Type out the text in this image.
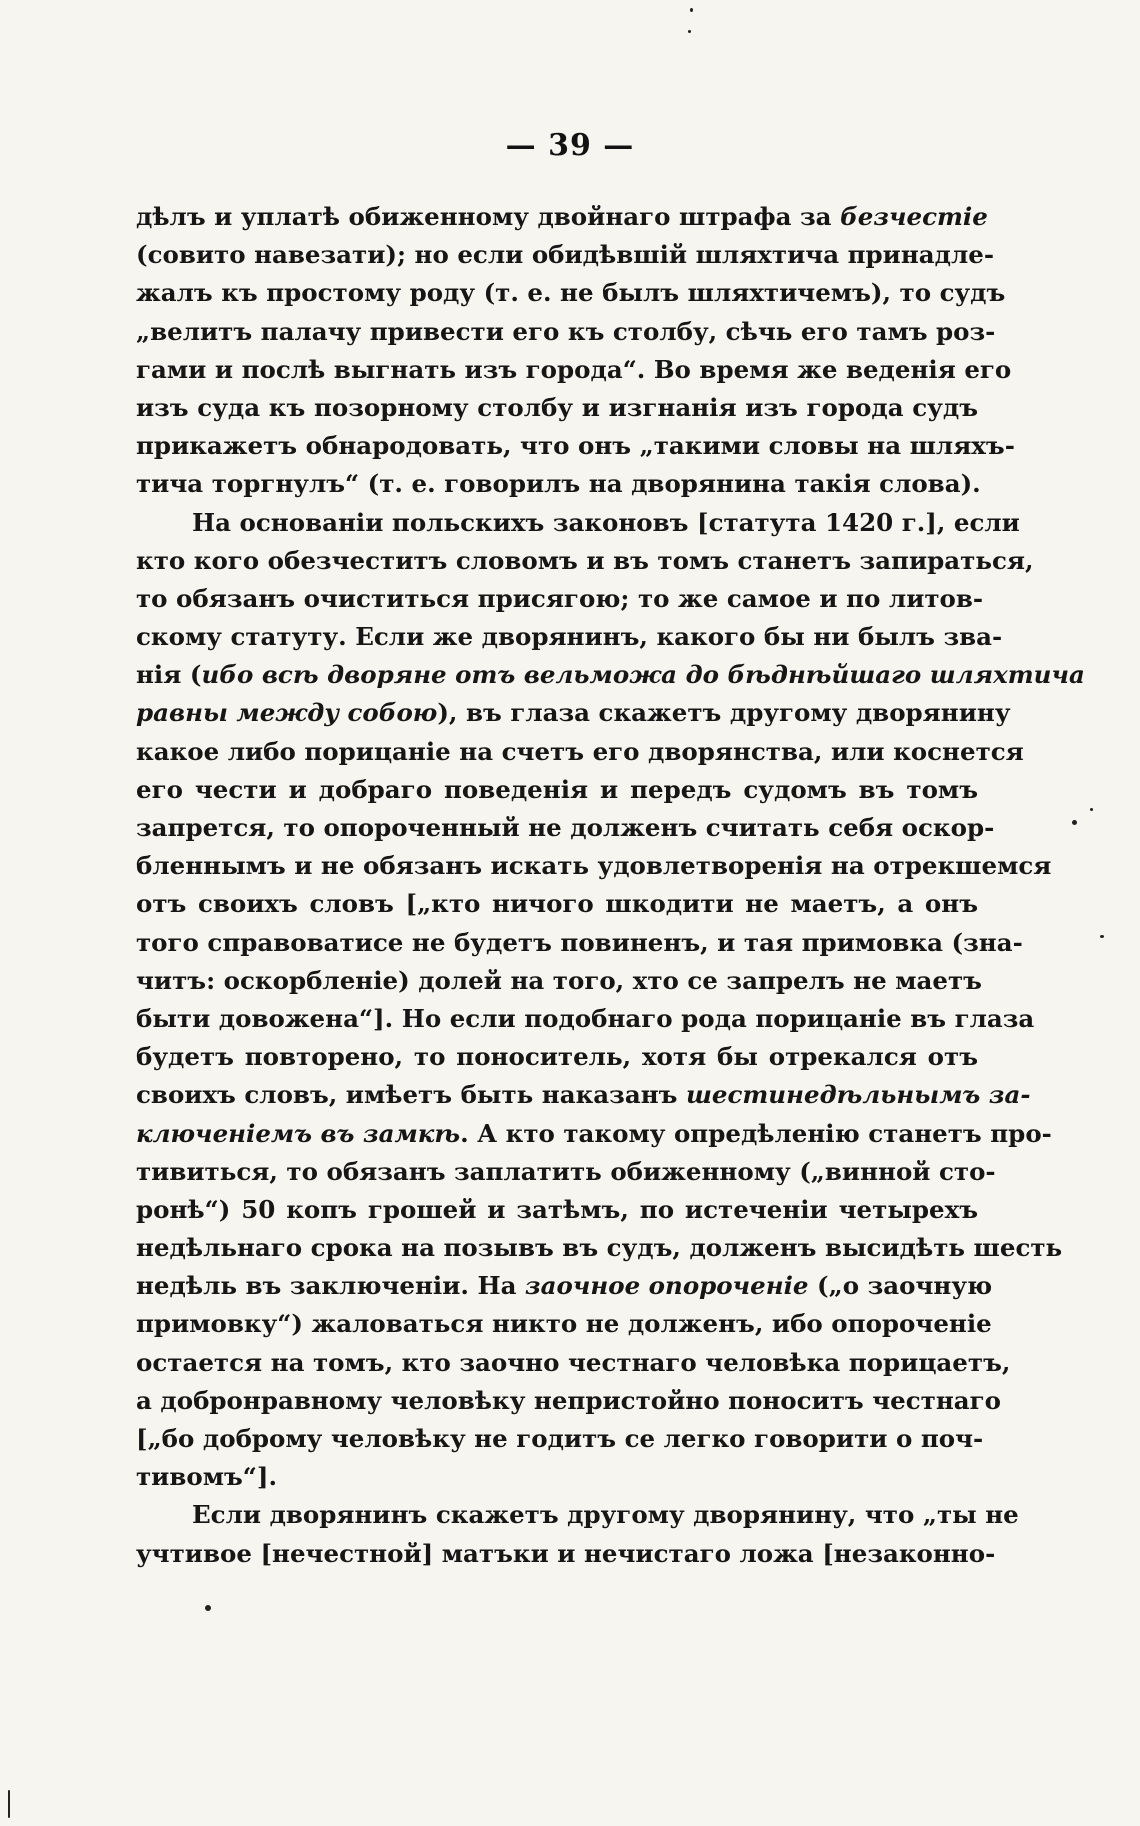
— 39 —
дѣлъ и уплатѣ обиженному двойнаго штрафа за безчестіе
(совито навезати); но если обидѣвшій шляхтича принадле-
жалъ къ простому роду (т. е. не былъ шляхтичемъ), то судъ
„велитъ палачу привести его къ столбу, сѣчь его тамъ роз-
гами и послѣ выгнать изъ города“. Во время же веденія его
изъ суда къ позорному столбу и изгнанія изъ города судъ
прикажетъ обнародовать, что онъ „такими словы на шляхъ-
тича торгнулъ“ (т. е. говорилъ на дворянина такія слова).
На основаніи польскихъ законовъ [статута 1420 г.], если
кто кого обезчеститъ словомъ и въ томъ станетъ запираться,
то обязанъ очиститься присягою; то же самое и по литов-
скому статуту. Если же дворянинъ, какого бы ни былъ зва-
нія (ибо всѣ дворяне отъ вельможа до бѣднѣйшаго шляхтича
равны между собою), въ глаза скажетъ другому дворянину
какое либо порицаніе на счетъ его дворянства, или коснется
его чести и добраго поведенія и передъ судомъ въ томъ
запрется, то опороченный не долженъ считать себя оскор-
бленнымъ и не обязанъ искать удовлетворенія на отрекшемся
отъ своихъ словъ [„кто ничого шкодити не маетъ, а онъ
того справоватисе не будетъ повиненъ, и тая примовка (зна-
читъ: оскорбленіе) долей на того, хто се запрелъ не маетъ
быти довожена“]. Но если подобнаго рода порицаніе въ глаза
будетъ повторено, то поноситель, хотя бы отрекался отъ
своихъ словъ, имѣетъ быть наказанъ шестинедѣльнымъ за-
ключеніемъ въ замкѣ. А кто такому опредѣленію станетъ про-
тивиться, то обязанъ заплатить обиженному („винной сто-
ронѣ“) 50 копъ грошей и затѣмъ, по истеченіи четырехъ
недѣльнаго срока на позывъ въ судъ, долженъ высидѣть шесть
недѣль въ заключеніи. На заочное опороченіе („о заочную
примовку“) жаловаться никто не долженъ, ибо опороченіе
остается на томъ, кто заочно честнаго человѣка порицаетъ,
а добронравному человѣку непристойно поноситъ честнаго
[„бо доброму человѣку не годитъ се легко говорити о поч-
тивомъ“].
Если дворянинъ скажетъ другому дворянину, что „ты не
учтивое [нечестной] матъки и нечистаго ложа [незаконно-
